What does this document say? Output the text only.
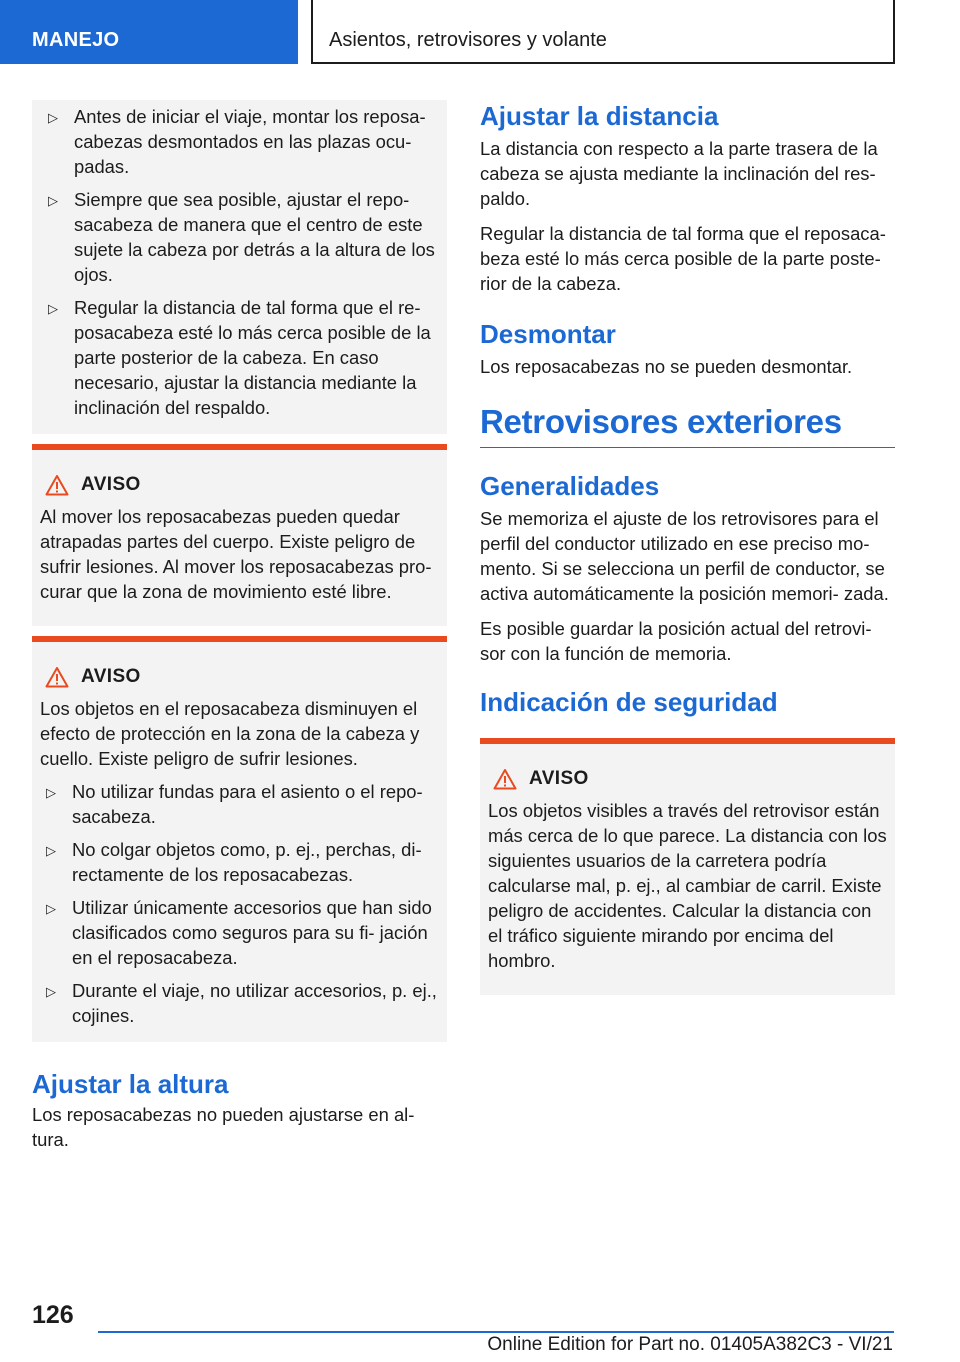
MANEJO	Asientos, retrovisores y volante
▷ Antes de iniciar el viaje, montar los reposa- cabezas desmontados en las plazas ocu- padas.
▷ Siempre que sea posible, ajustar el repo- sacabeza de manera que el centro de este sujete la cabeza por detrás a la altura de los ojos.
▷ Regular la distancia de tal forma que el re- posacabeza esté lo más cerca posible de la parte posterior de la cabeza. En caso necesario, ajustar la distancia mediante la inclinación del respaldo.
AVISO

Al mover los reposacabezas pueden quedar atrapadas partes del cuerpo. Existe peligro de sufrir lesiones. Al mover los reposacabezas pro- curar que la zona de movimiento esté libre.

AVISO

Los objetos en el reposacabeza disminuyen el efecto de protección en la zona de la cabeza y cuello. Existe peligro de sufrir lesiones.

▷ No utilizar fundas para el asiento o el repo- sacabeza.
▷ No colgar objetos como, p. ej., perchas, di- rectamente de los reposacabezas.
▷ Utilizar únicamente accesorios que han sido clasificados como seguros para su fi- jación en el reposacabeza.
▷ Durante el viaje, no utilizar accesorios, p. ej., cojines.
Ajustar la altura

Los reposacabezas no pueden ajustarse en al- tura.

Ajustar la distancia

La distancia con respecto a la parte trasera de la cabeza se ajusta mediante la inclinación del res- paldo.

Regular la distancia de tal forma que el reposaca- beza esté lo más cerca posible de la parte poste- rior de la cabeza.

Desmontar

Los reposacabezas no se pueden desmontar.

Retrovisores exteriores
Generalidades

Se memoriza el ajuste de los retrovisores para el perfil del conductor utilizado en ese preciso mo- mento. Si se selecciona un perfil de conductor, se activa automáticamente la posición memori- zada.

Es posible guardar la posición actual del retrovi- sor con la función de memoria.

Indicación de seguridad
AVISO

Los objetos visibles a través del retrovisor están más cerca de lo que parece. La distancia con los siguientes usuarios de la carretera podría calcularse mal, p. ej., al cambiar de carril. Existe peligro de accidentes. Calcular la distancia con el tráfico siguiente mirando por encima del hombro.

126
Online Edition for Part no. 01405A382C3 - VI/21
